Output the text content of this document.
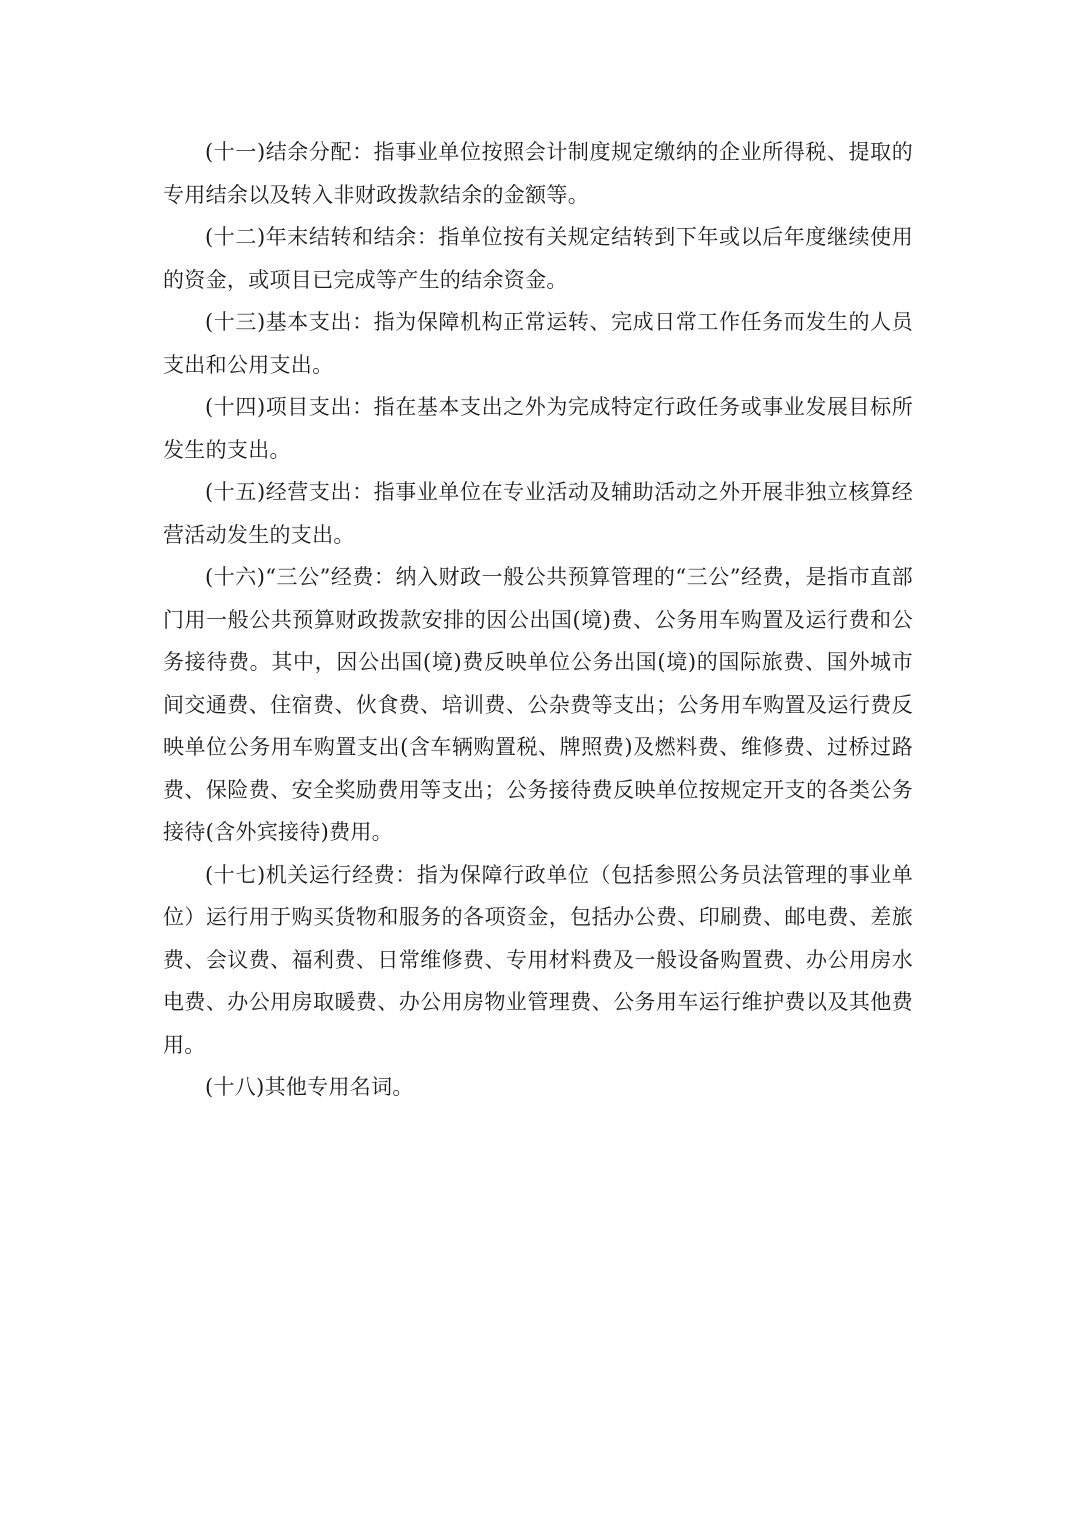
(十一)结余分配：指事业单位按照会计制度规定缴纳的企业所得税、提取的专用结余以及转入非财政拨款结余的金额等。

(十二)年末结转和结余：指单位按有关规定结转到下年或以后年度继续使用的资金，或项目已完成等产生的结余资金。

(十三)基本支出：指为保障机构正常运转、完成日常工作任务而发生的人员支出和公用支出。

(十四)项目支出：指在基本支出之外为完成特定行政任务或事业发展目标所发生的支出。

(十五)经营支出：指事业单位在专业活动及辅助活动之外开展非独立核算经营活动发生的支出。

(十六)“三公”经费：纳入财政一般公共预算管理的“三公”经费，是指市直部门用一般公共预算财政拨款安排的因公出国(境)费、公务用车购置及运行费和公务接待费。其中，因公出国(境)费反映单位公务出国(境)的国际旅费、国外城市间交通费、住宿费、伙食费、培训费、公杂费等支出；公务用车购置及运行费反映单位公务用车购置支出(含车辆购置税、牌照费)及燃料费、维修费、过桥过路费、保险费、安全奖励费用等支出；公务接待费反映单位按规定开支的各类公务接待(含外宾接待)费用。

(十七)机关运行经费：指为保障行政单位（包括参照公务员法管理的事业单位）运行用于购买货物和服务的各项资金，包括办公费、印刷费、邮电费、差旅费、会议费、福利费、日常维修费、专用材料费及一般设备购置费、办公用房水电费、办公用房取暖费、办公用房物业管理费、公务用车运行维护费以及其他费用。

(十八)其他专用名词。
